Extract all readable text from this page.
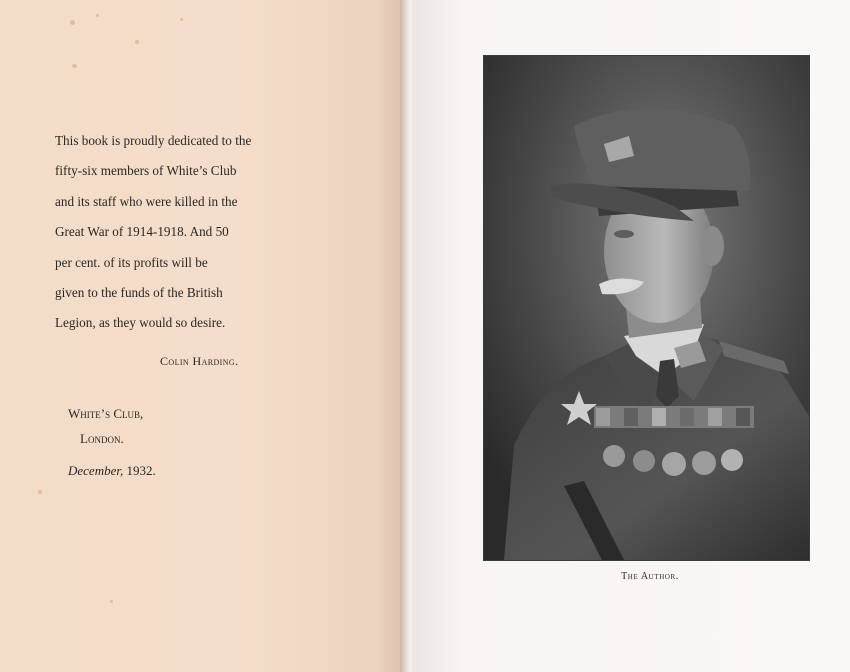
This book is proudly dedicated to the

fifty-six members of White’s Club

and its staff who were killed in the

Great War of 1914-1918. And 50

per cent. of its profits will be

given to the funds of the British

Legion, as they would so desire.

Colin Harding.
White’s Club,
London.
December, 1932.
The Author.
